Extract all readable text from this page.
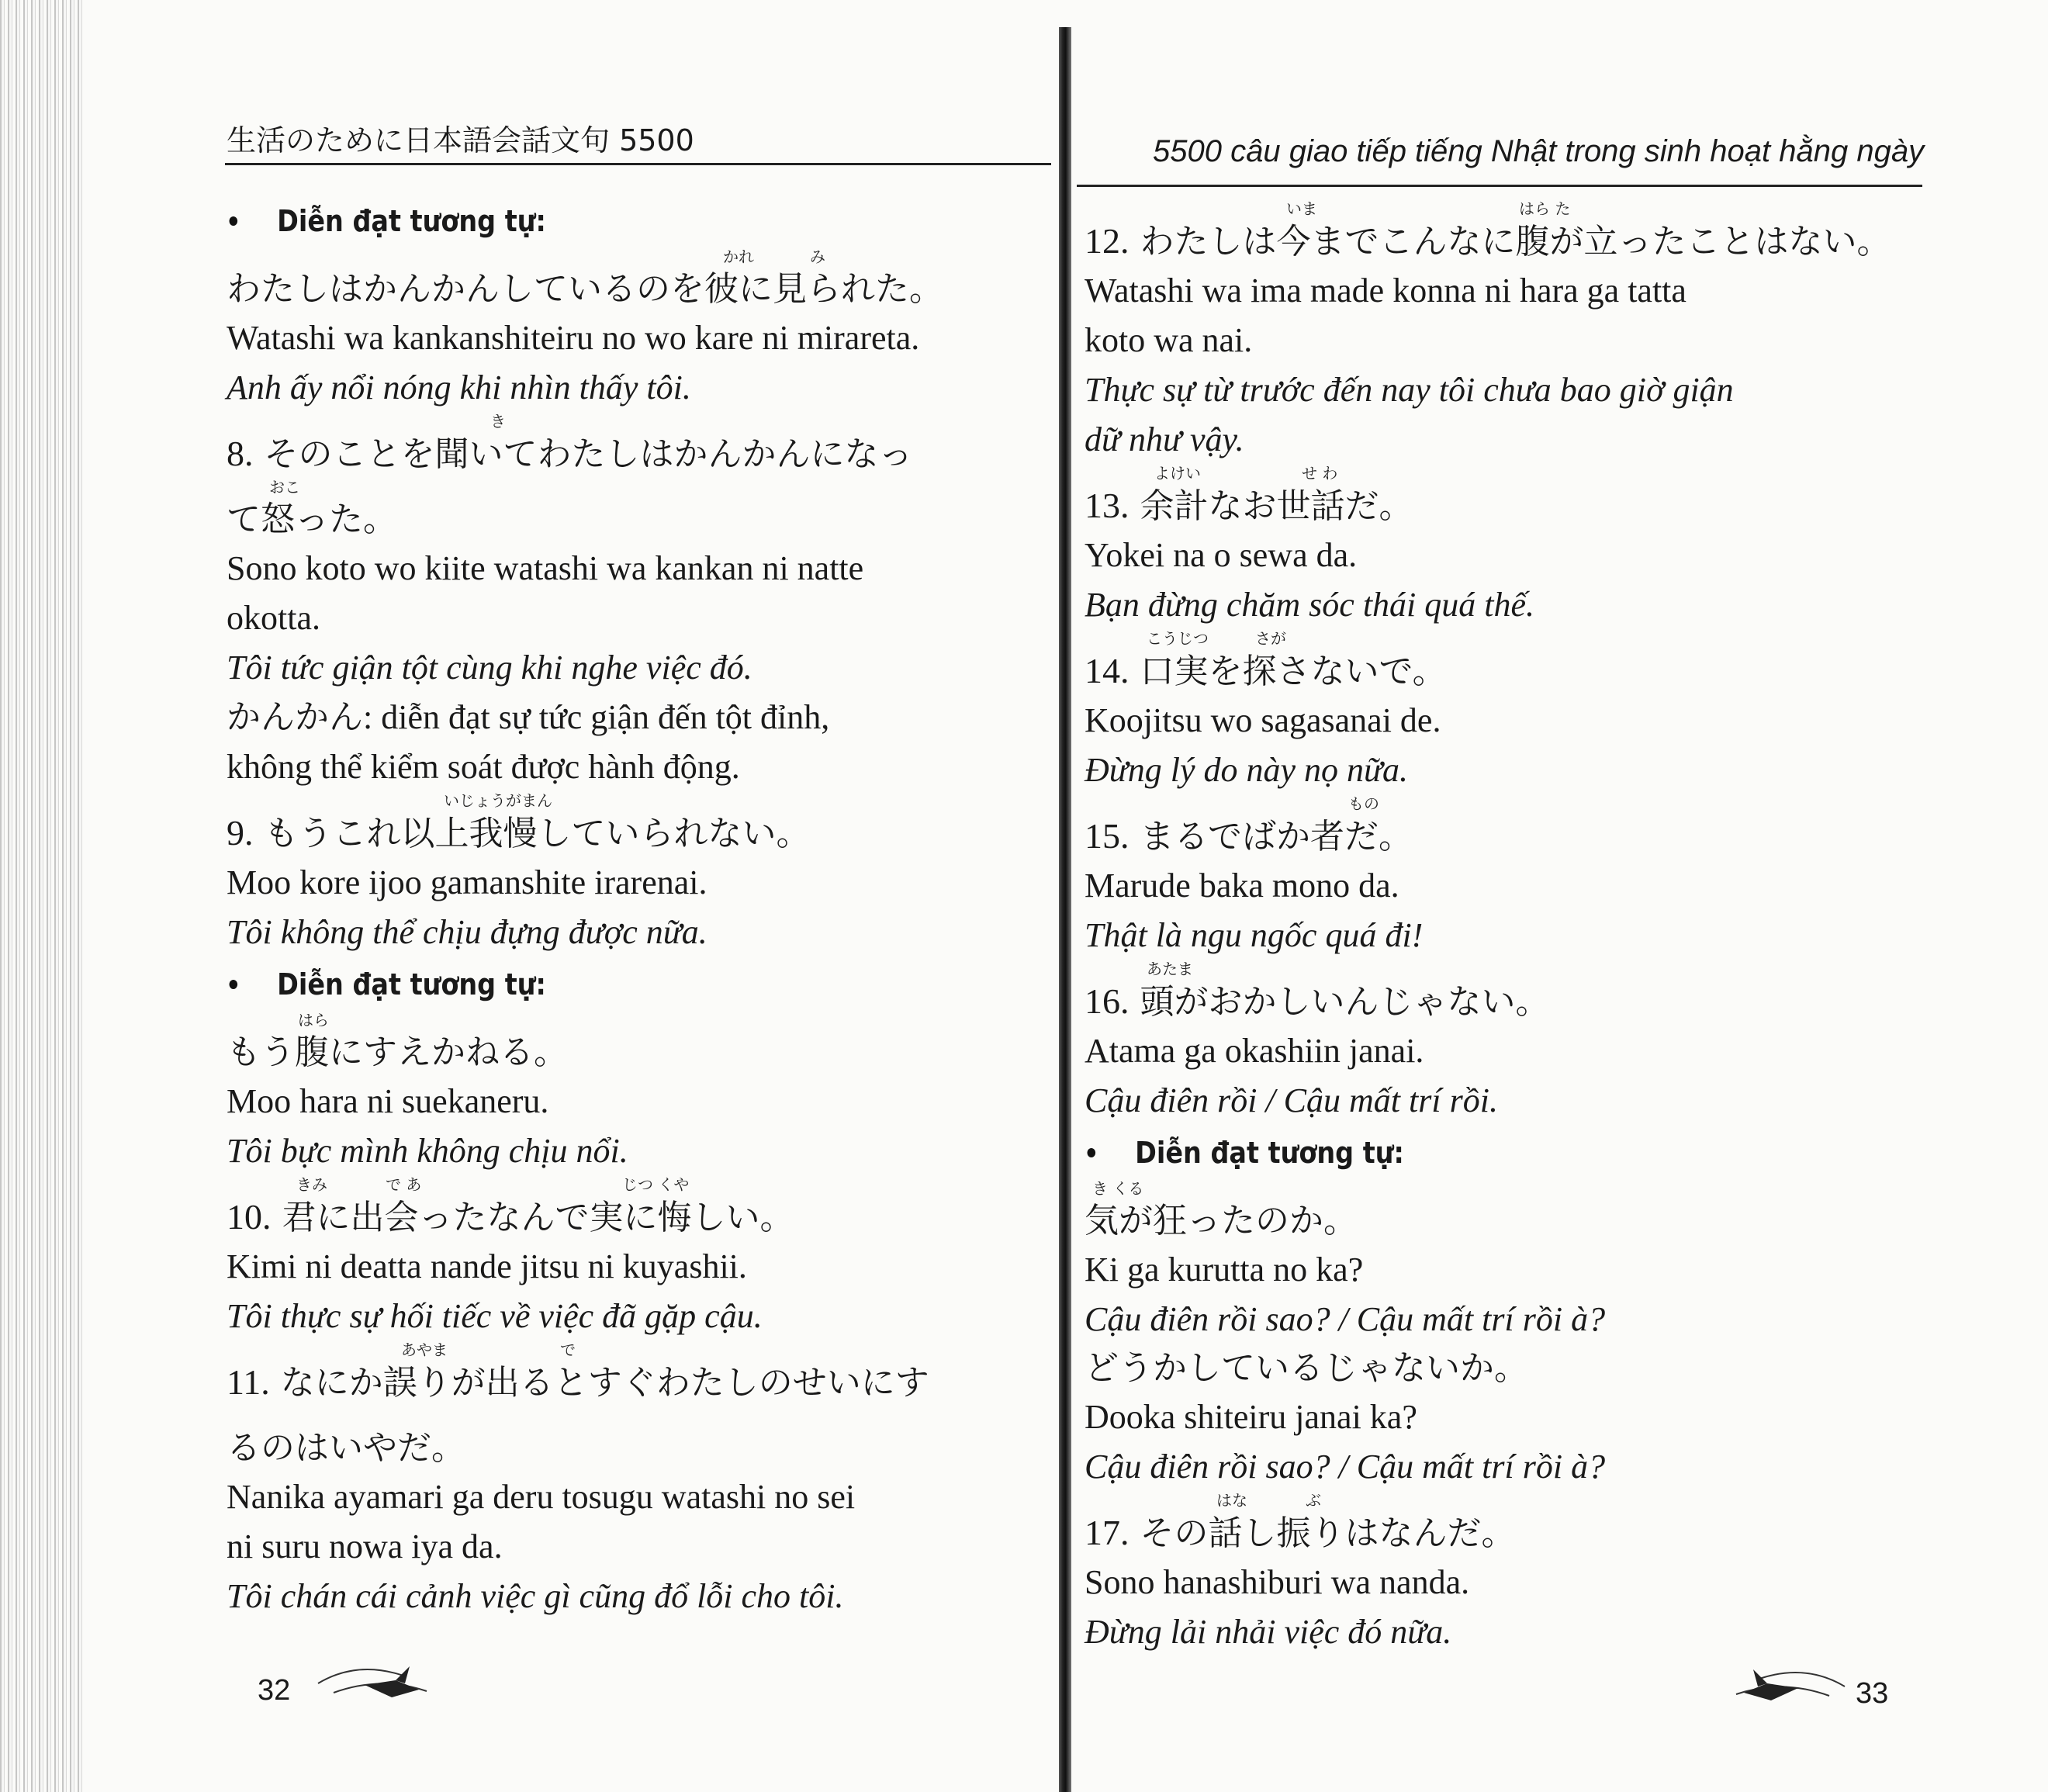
生活のために日本語会話文句 5500
Diễn đạt tương tự:
わたしはかんかんしているのを彼に見られた。
かれ	み
Watashi wa kankanshiteiru no wo kare ni mirareta.
Anh ấy nổi nóng khi nhìn thấy tôi.
8. そのことを聞いてわたしはかんかんになっ
き
て怒った。
おこ
Sono koto wo kiite watashi wa kankan ni natte
okotta.
Tôi tức giận tột cùng khi nghe việc đó.
かんかん: diễn đạt sự tức giận đến tột đỉnh,
không thể kiểm soát được hành động.
9. もうこれ以上我慢していられない。
いじょうがまん
Moo kore ijoo gamanshite irarenai.
Tôi không thể chịu đựng được nữa.
Diễn đạt tương tự:
もう腹にすえかねる。
はら
Moo hara ni suekaneru.
Tôi bực mình không chịu nổi.
10. 君に出会ったなんで実に悔しい。
きみ	で あ	じつ くや
Kimi ni deatta nande jitsu ni kuyashii.
Tôi thực sự hối tiếc về việc đã gặp cậu.
11. なにか誤りが出るとすぐわたしのせいにす
あやま	で
るのはいやだ。
Nanika ayamari ga deru tosugu watashi no sei
ni suru nowa iya da.
Tôi chán cái cảnh việc gì cũng đổ lỗi cho tôi.
32
5500 câu giao tiếp tiếng Nhật trong sinh hoạt hằng ngày
12. わたしは今までこんなに腹が立ったことはない。
いま	はら た
Watashi wa ima made konna ni hara ga tatta
koto wa nai.
Thực sự từ trước đến nay tôi chưa bao giờ giận
dữ như vậy.
13. 余計なお世話だ。
よけい	せ わ
Yokei na o sewa da.
Bạn đừng chăm sóc thái quá thế.
14. 口実を探さないで。
こうじつ	さが
Koojitsu wo sagasanai de.
Đừng lý do này nọ nữa.
15. まるでばか者だ。
もの
Marude baka mono da.
Thật là ngu ngốc quá đi!
16. 頭がおかしいんじゃない。
あたま
Atama ga okashiin janai.
Cậu điên rồi / Cậu mất trí rồi.
Diễn đạt tương tự:
気が狂ったのか。
き くる
Ki ga kurutta no ka?
Cậu điên rồi sao? / Cậu mất trí rồi à?
どうかしているじゃないか。
Dooka shiteiru janai ka?
Cậu điên rồi sao? / Cậu mất trí rồi à?
17. その話し振りはなんだ。
はな	ぶ
Sono hanashiburi wa nanda.
Đừng lải nhải việc đó nữa.
33
